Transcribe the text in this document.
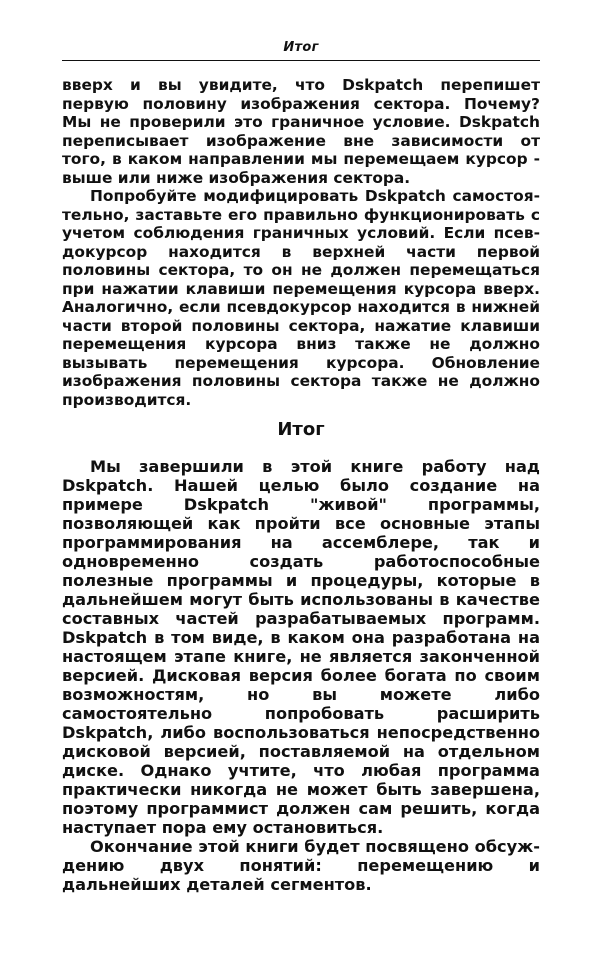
Итог

вверх и вы увидите, что Dskpatch перепишет первую половину изображения сектора. Почему? Мы не проверили это граничное условие. Dskpatch переписывает изображение вне зависимости от того, в каком направлении мы перемещаем курсор - выше или ниже изображения сектора.

Попробуйте модифицировать Dskpatch самостоятельно, заставьте его правильно функционировать с учетом соблюдения граничных условий. Если псевдокурсор находится в верхней части первой половины сектора, то он не должен перемещаться при нажатии клавиши перемещения курсора вверх. Аналогично, если псевдокурсор находится в нижней части второй половины сектора, нажатие клавиши перемещения курсора вниз также не должно вызывать перемещения курсора. Обновление изображения половины сектора также не должно производится.

Итог

Мы завершили в этой книге работу над Dskpatch. Нашей целью было создание на примере Dskpatch "живой" программы, позволяющей как пройти все основные этапы программирования на ассемблере, так и одновременно создать работоспособные полезные программы и процедуры, которые в дальнейшем могут быть использованы в качестве составных частей разрабатываемых программ. Dskpatch в том виде, в каком она разработана на настоящем этапе книге, не является законченной версией. Дисковая версия более богата по своим возможностям, но вы можете либо самостоятельно попробовать расширить Dskpatch, либо воспользоваться непосредственно дисковой версией, поставляемой на отдельном диске. Однако учтите, что любая программа практически никогда не может быть завершена, поэтому программист должен сам решить, когда наступает пора ему остановиться.

Окончание этой книги будет посвящено обсуждению двух понятий: перемещению и дальнейших деталей сегментов.
